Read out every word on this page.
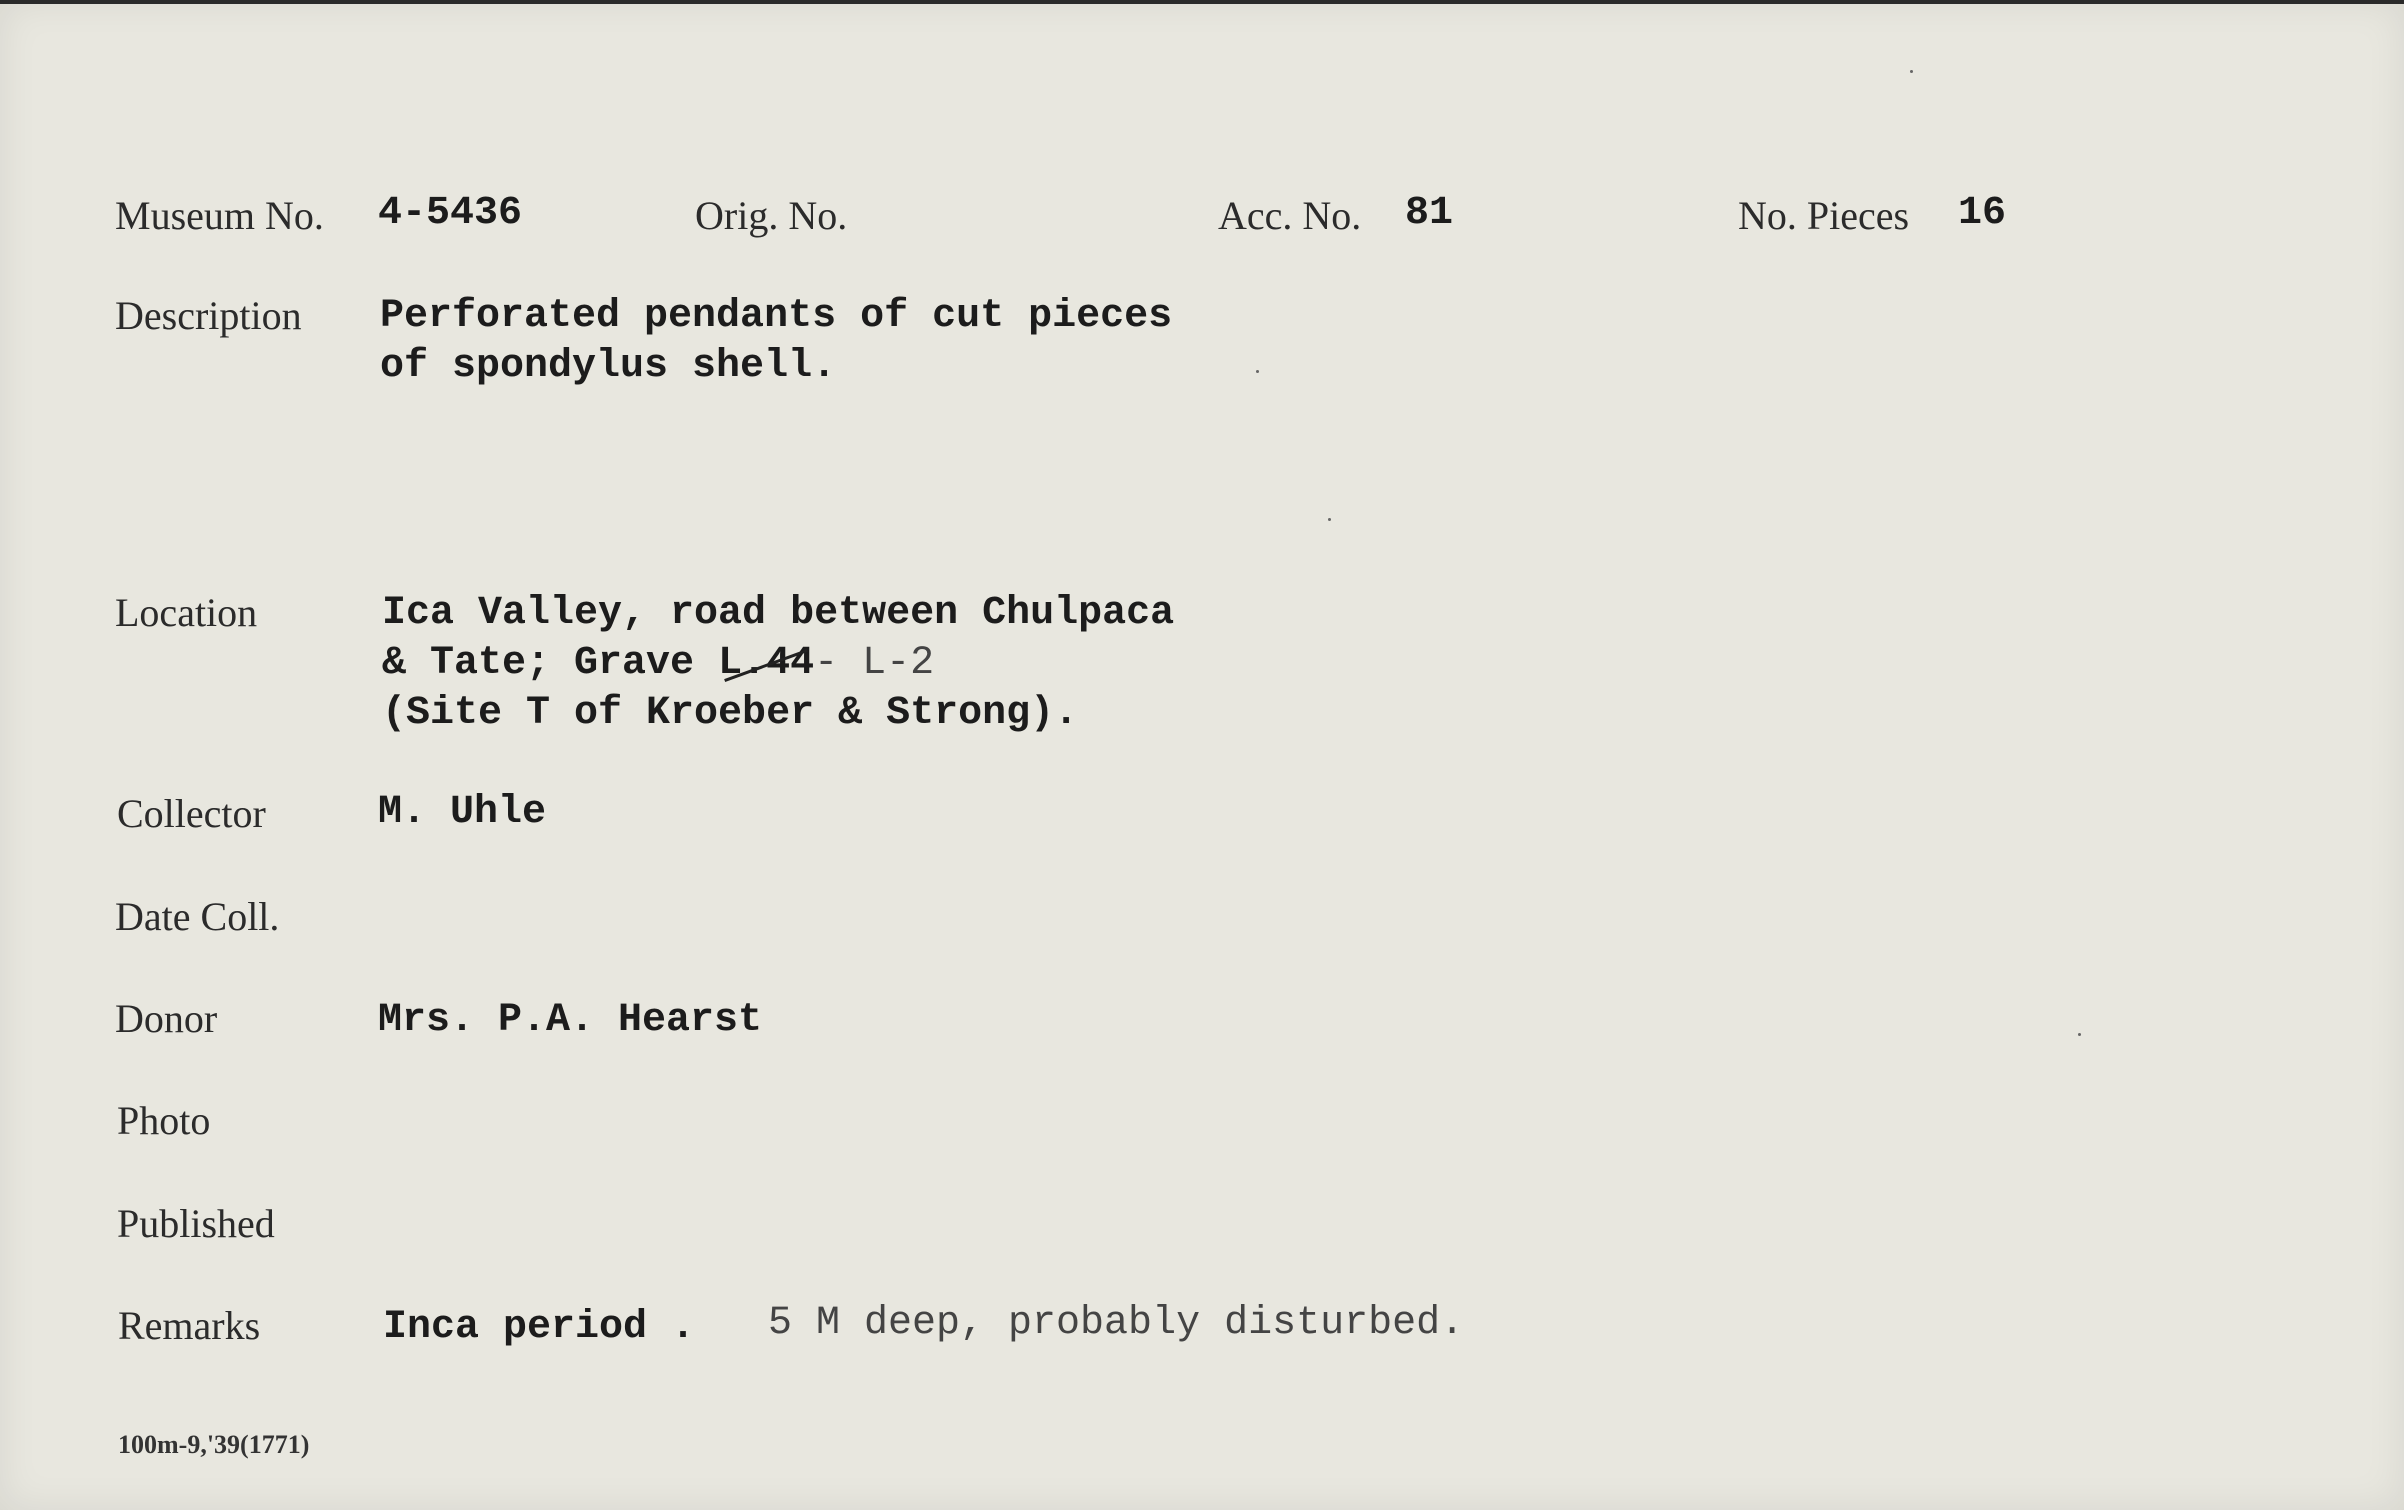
Museum No. 4-5436	Orig. No.	Acc. No. 81	No. Pieces 16
Description Perforated pendants of cut pieces
of spondylus shell.
Location	Ica Valley, road between Chulpaca
& Tate; Grave L.44- L-2
(Site T of Kroeber & Strong).
Collector	M. Uhle
Date Coll.
Donor	Mrs. P.A. Hearst
Photo
Published
Remarks	Inca period . 5 M deep, probably disturbed.
100m-9,'39(1771)
